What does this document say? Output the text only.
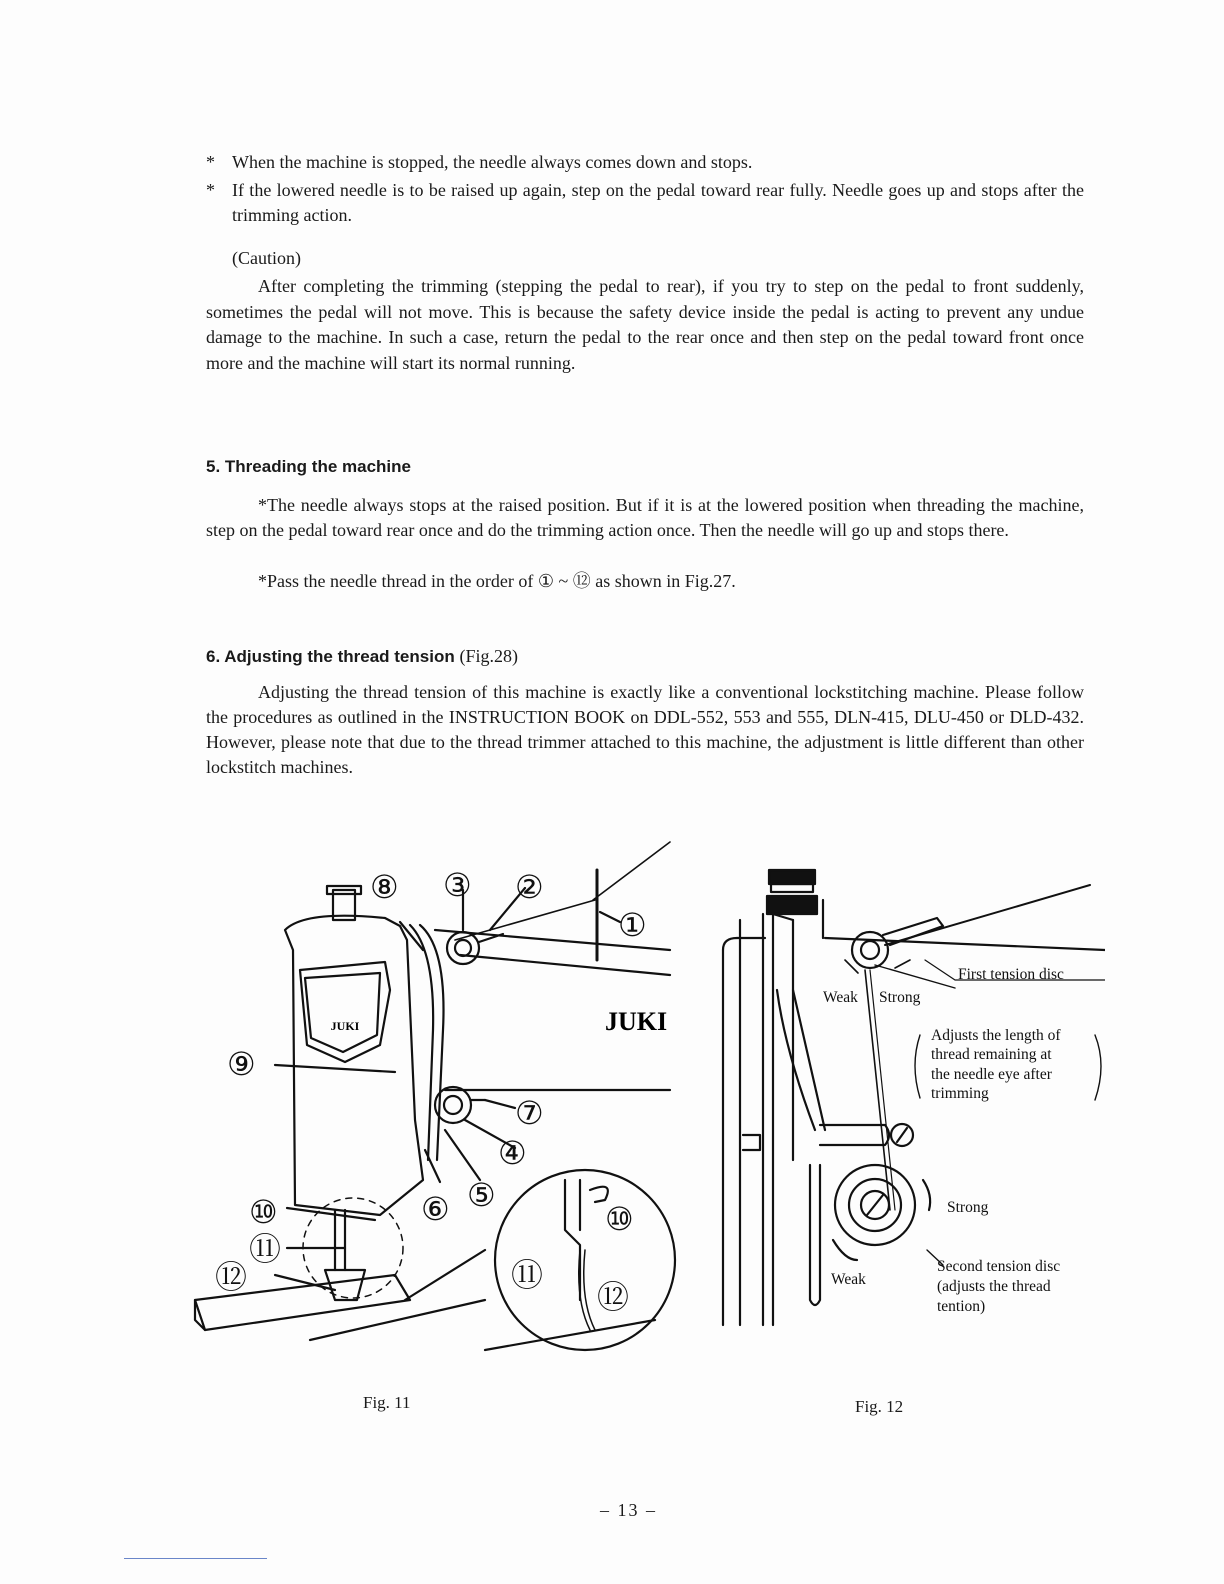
* When the machine is stopped, the needle always comes down and stops.
* If the lowered needle is to be raised up again, step on the pedal toward rear fully. Needle goes up and stops after the trimming action.
(Caution)
After completing the trimming (stepping the pedal to rear), if you try to step on the pedal to front suddenly, sometimes the pedal will not move. This is because the safety device inside the pedal is acting to prevent any undue damage to the machine. In such a case, return the pedal to the rear once and then step on the pedal toward front once more and the machine will start its normal running.
5. Threading the machine
*The needle always stops at the raised position. But if it is at the lowered position when threading the machine, step on the pedal toward rear once and do the trimming action once. Then the needle will go up and stops there.
*Pass the needle thread in the order of ① ~ ⑫ as shown in Fig.27.
6. Adjusting the thread tension (Fig.28)
Adjusting the thread tension of this machine is exactly like a conventional lockstitching machine. Please follow the procedures as outlined in the INSTRUCTION BOOK on DDL-552, 553 and 555, DLN-415, DLU-450 or DLD-432. However, please note that due to the thread trimmer attached to this machine, the adjustment is little different than other lockstitch machines.
JUKI	JUKI
①
②
③
④
⑤
⑥
⑦
⑧
⑨
⑩
⑪
⑫
⑩
⑪
⑫
Fig. 11
First tension disc
Weak Strong
Adjusts the length of
thread remaining at
the needle eye after
trimming
Strong
Weak
Second tension disc
(adjusts the thread
tention)
Fig. 12
– 13 –
